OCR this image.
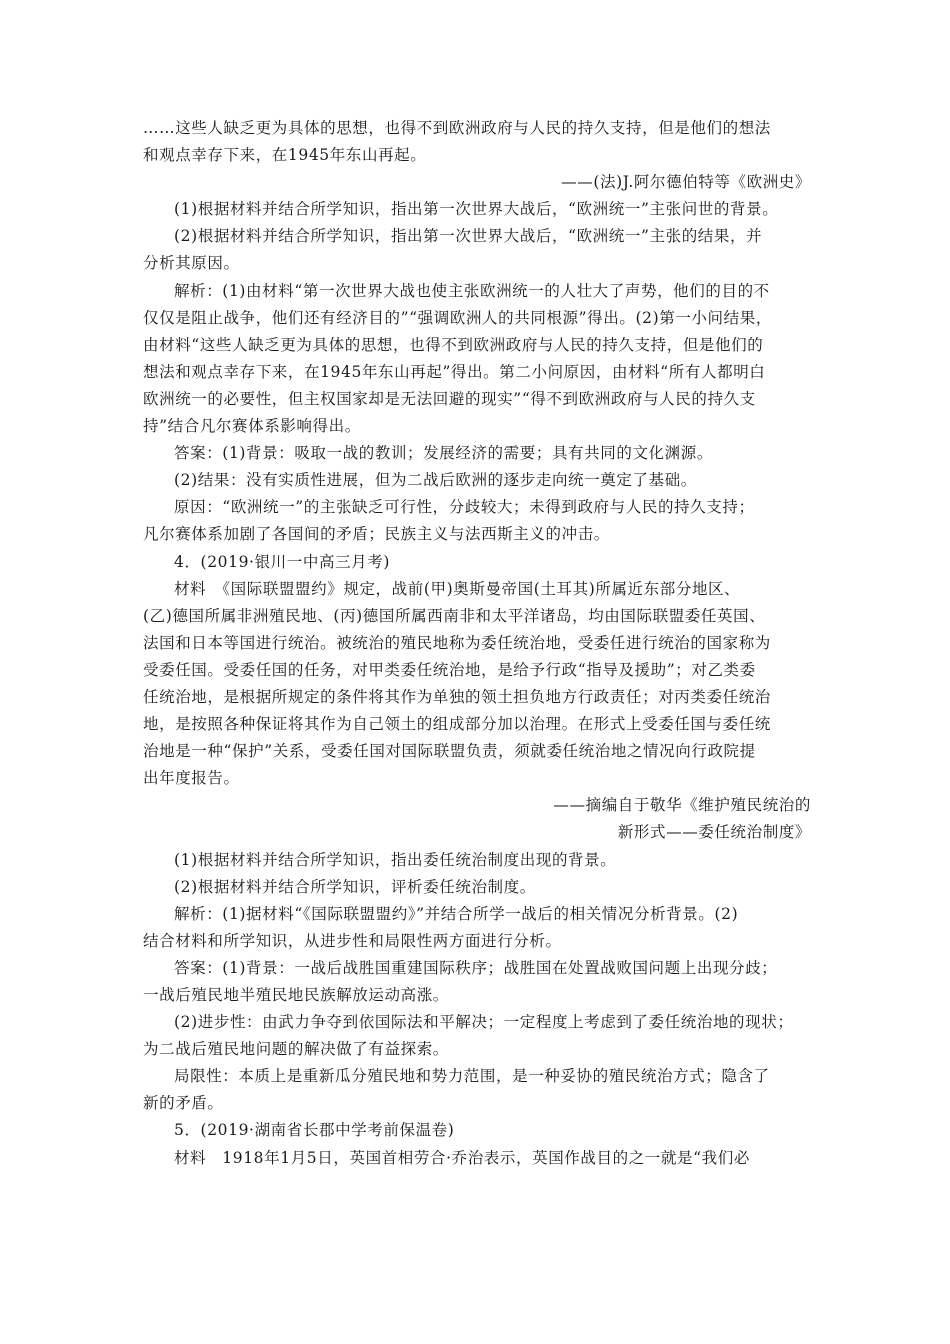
……这些人缺乏更为具体的思想，也得不到欧洲政府与人民的持久支持，但是他们的想法
和观点幸存下来，在1945年东山再起。
——(法)J.阿尔德伯特等《欧洲史》
(1)根据材料并结合所学知识，指出第一次世界大战后，“欧洲统一”主张问世的背景。
(2)根据材料并结合所学知识，指出第一次世界大战后，“欧洲统一”主张的结果，并
分析其原因。
解析：(1)由材料“第一次世界大战也使主张欧洲统一的人壮大了声势，他们的目的不
仅仅是阻止战争，他们还有经济目的”“强调欧洲人的共同根源”得出。(2)第一小问结果，
由材料“这些人缺乏更为具体的思想，也得不到欧洲政府与人民的持久支持，但是他们的
想法和观点幸存下来，在1945年东山再起”得出。第二小问原因，由材料“所有人都明白
欧洲统一的必要性，但主权国家却是无法回避的现实”“得不到欧洲政府与人民的持久支
持”结合凡尔赛体系影响得出。
答案：(1)背景：吸取一战的教训；发展经济的需要；具有共同的文化渊源。
(2)结果：没有实质性进展，但为二战后欧洲的逐步走向统一奠定了基础。
原因：“欧洲统一”的主张缺乏可行性，分歧较大；未得到政府与人民的持久支持；
凡尔赛体系加剧了各国间的矛盾；民族主义与法西斯主义的冲击。
4．(2019·银川一中高三月考)
材料　《国际联盟盟约》规定，战前(甲)奥斯曼帝国(土耳其)所属近东部分地区、
(乙)德国所属非洲殖民地、(丙)德国所属西南非和太平洋诸岛，均由国际联盟委任英国、
法国和日本等国进行统治。被统治的殖民地称为委任统治地，受委任进行统治的国家称为
受委任国。受委任国的任务，对甲类委任统治地，是给予行政“指导及援助”；对乙类委
任统治地，是根据所规定的条件将其作为单独的领土担负地方行政责任；对丙类委任统治
地，是按照各种保证将其作为自己领土的组成部分加以治理。在形式上受委任国与委任统
治地是一种“保护”关系，受委任国对国际联盟负责，须就委任统治地之情况向行政院提
出年度报告。
——摘编自于敬华《维护殖民统治的
新形式——委任统治制度》
(1)根据材料并结合所学知识，指出委任统治制度出现的背景。
(2)根据材料并结合所学知识，评析委任统治制度。
解析：(1)据材料“《国际联盟盟约》”并结合所学一战后的相关情况分析背景。(2)
结合材料和所学知识，从进步性和局限性两方面进行分析。
答案：(1)背景：一战后战胜国重建国际秩序；战胜国在处置战败国问题上出现分歧；
一战后殖民地半殖民地民族解放运动高涨。
(2)进步性：由武力争夺到依国际法和平解决；一定程度上考虑到了委任统治地的现状；
为二战后殖民地问题的解决做了有益探索。
局限性：本质上是重新瓜分殖民地和势力范围，是一种妥协的殖民统治方式；隐含了
新的矛盾。
5．(2019·湖南省长郡中学考前保温卷)
材料　1918年1月5日，英国首相劳合·乔治表示，英国作战目的之一就是“我们必
